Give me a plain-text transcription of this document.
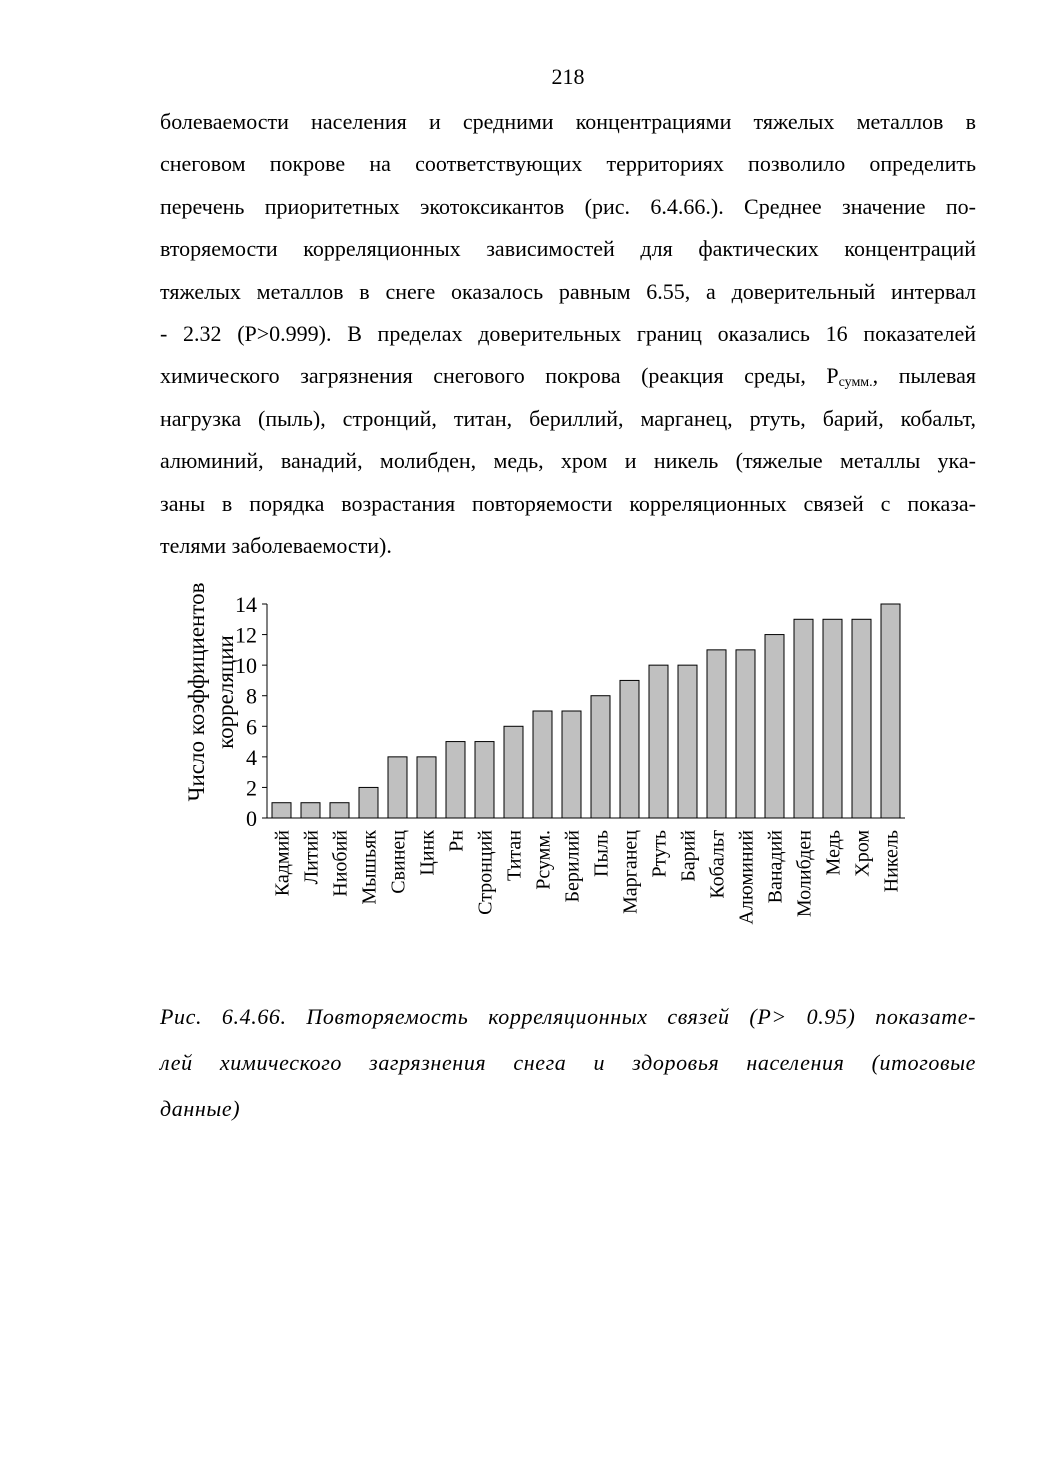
218
болеваемости населения и средними концентрациями тяжелых металлов в
снеговом покрове на соответствующих территориях позволило определить
перечень приоритетных экотоксикантов (рис. 6.4.66.). Среднее значение по-
вторяемости корреляционных зависимостей для фактических концентраций
тяжелых металлов в снеге оказалось равным 6.55, а доверительный интервал
- 2.32 (P>0.999). В пределах доверительных границ оказались 16 показателей
химического загрязнения снегового покрова (реакция среды, $P_{сумм.}$, пылевая
нагрузка (пыль), стронций, титан, бериллий, марганец, ртуть, барий, кобальт,
алюминий, ванадий, молибден, медь, хром и никель (тяжелые металлы ука-
заны в порядка возрастания повторяемости корреляционных связей с показа-
телями заболеваемости).
Число коэффициентов корреляции
0
2
4
6
8
10
12
14
Кадмий Литий Ниобий Мышьяк Свинец Цинк Pн Стронций Титан Pсумм. Берилий Пыль Марганец Ртуть Барий Кобальт Алюминий Ванадий Молибден Медь Хром Никель
Рис. 6.4.66. Повторяемость корреляционных связей (P> 0.95) показате-
лей химического загрязнения снега и здоровья населения (итоговые
данные)
